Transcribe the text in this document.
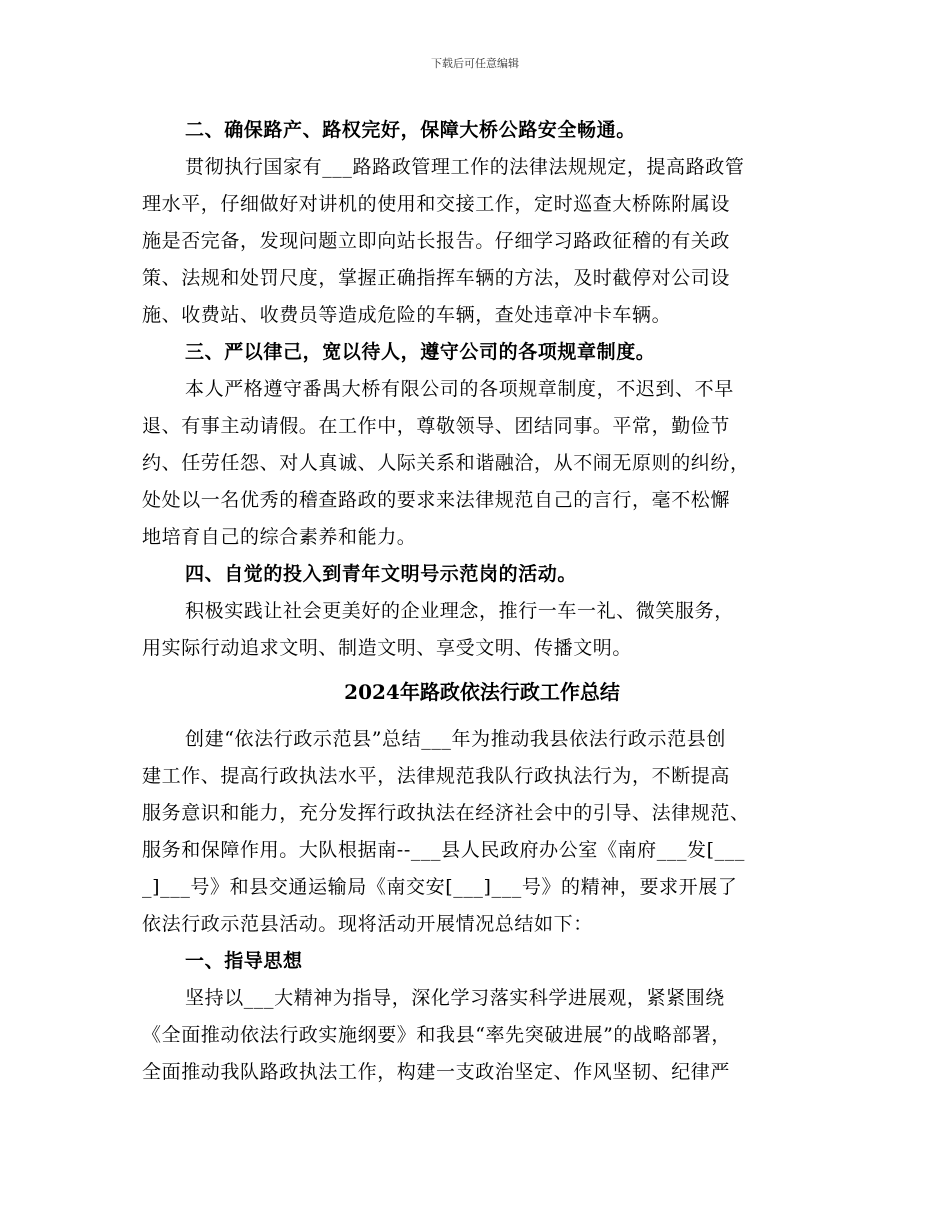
下载后可任意编辑
二、确保路产、路权完好，保障大桥公路安全畅通。
贯彻执行国家有___路路政管理工作的法律法规规定，提高路政管
理水平，仔细做好对讲机的使用和交接工作，定时巡查大桥陈附属设
施是否完备，发现问题立即向站长报告。仔细学习路政征稽的有关政
策、法规和处罚尺度，掌握正确指挥车辆的方法，及时截停对公司设
施、收费站、收费员等造成危险的车辆，查处违章冲卡车辆。
三、严以律己，宽以待人，遵守公司的各项规章制度。
本人严格遵守番禺大桥有限公司的各项规章制度，不迟到、不早
退、有事主动请假。在工作中，尊敬领导、团结同事。平常，勤俭节
约、任劳任怨、对人真诚、人际关系和谐融洽，从不闹无原则的纠纷，
处处以一名优秀的稽查路政的要求来法律规范自己的言行，毫不松懈
地培育自己的综合素养和能力。
四、自觉的投入到青年文明号示范岗的活动。
积极实践让社会更美好的企业理念，推行一车一礼、微笑服务，
用实际行动追求文明、制造文明、享受文明、传播文明。
2024年路政依法行政工作总结
创建“依法行政示范县”总结___年为推动我县依法行政示范县创
建工作、提高行政执法水平，法律规范我队行政执法行为，不断提高
服务意识和能力，充分发挥行政执法在经济社会中的引导、法律规范、
服务和保障作用。大队根据南--___县人民政府办公室《南府___发[___
_]___号》和县交通运输局《南交安[___]___号》的精神，要求开展了
依法行政示范县活动。现将活动开展情况总结如下：
一、指导思想
坚持以___大精神为指导，深化学习落实科学进展观，紧紧围绕
《全面推动依法行政实施纲要》和我县“率先突破进展”的战略部署，
全面推动我队路政执法工作，构建一支政治坚定、作风坚韧、纪律严
